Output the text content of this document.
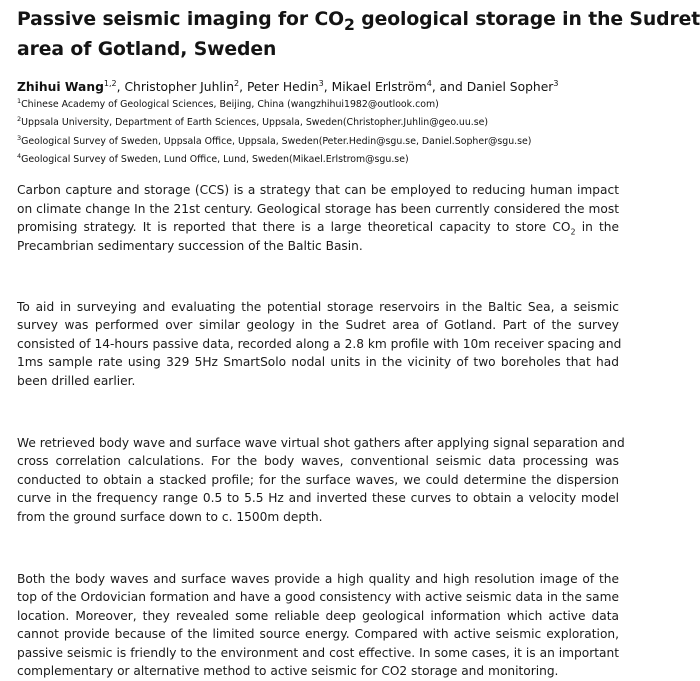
Passive seismic imaging for $CO_2$ geological storage in the Sudret
area of Gotland, Sweden
Zhihui Wang$^{1,2}$, Christopher Juhlin$^2$, Peter Hedin$^3$, Mikael Erlström$^4$, and Daniel Sopher$^3$
$^1$Chinese Academy of Geological Sciences, Beijing, China (wangzhihui1982@outlook.com)
$^2$Uppsala University, Department of Earth Sciences, Uppsala, Sweden(Christopher.Juhlin@geo.uu.se)
$^3$Geological Survey of Sweden, Uppsala Office, Uppsala, Sweden(Peter.Hedin@sgu.se, Daniel.Sopher@sgu.se)
$^4$Geological Survey of Sweden, Lund Office, Lund, Sweden(Mikael.Erlstrom@sgu.se)

Carbon capture and storage (CCS) is a strategy that can be employed to reducing human impact
on climate change In the 21st century. Geological storage has been currently considered the most
promising strategy. It is reported that there is a large theoretical capacity to store $CO_2$ in the
Precambrian sedimentary succession of the Baltic Basin.

To aid in surveying and evaluating the potential storage reservoirs in the Baltic Sea, a seismic
survey was performed over similar geology in the Sudret area of Gotland. Part of the survey
consisted of 14-hours passive data, recorded along a 2.8 km profile with 10m receiver spacing and
1ms sample rate using 329 5Hz SmartSolo nodal units in the vicinity of two boreholes that had
been drilled earlier.

We retrieved body wave and surface wave virtual shot gathers after applying signal separation and
cross correlation calculations. For the body waves, conventional seismic data processing was
conducted to obtain a stacked profile; for the surface waves, we could determine the dispersion
curve in the frequency range 0.5 to 5.5 Hz and inverted these curves to obtain a velocity model
from the ground surface down to c. 1500m depth.

Both the body waves and surface waves provide a high quality and high resolution image of the
top of the Ordovician formation and have a good consistency with active seismic data in the same
location. Moreover, they revealed some reliable deep geological information which active data
cannot provide because of the limited source energy. Compared with active seismic exploration,
passive seismic is friendly to the environment and cost effective. In some cases, it is an important
complementary or alternative method to active seismic for CO2 storage and monitoring.
